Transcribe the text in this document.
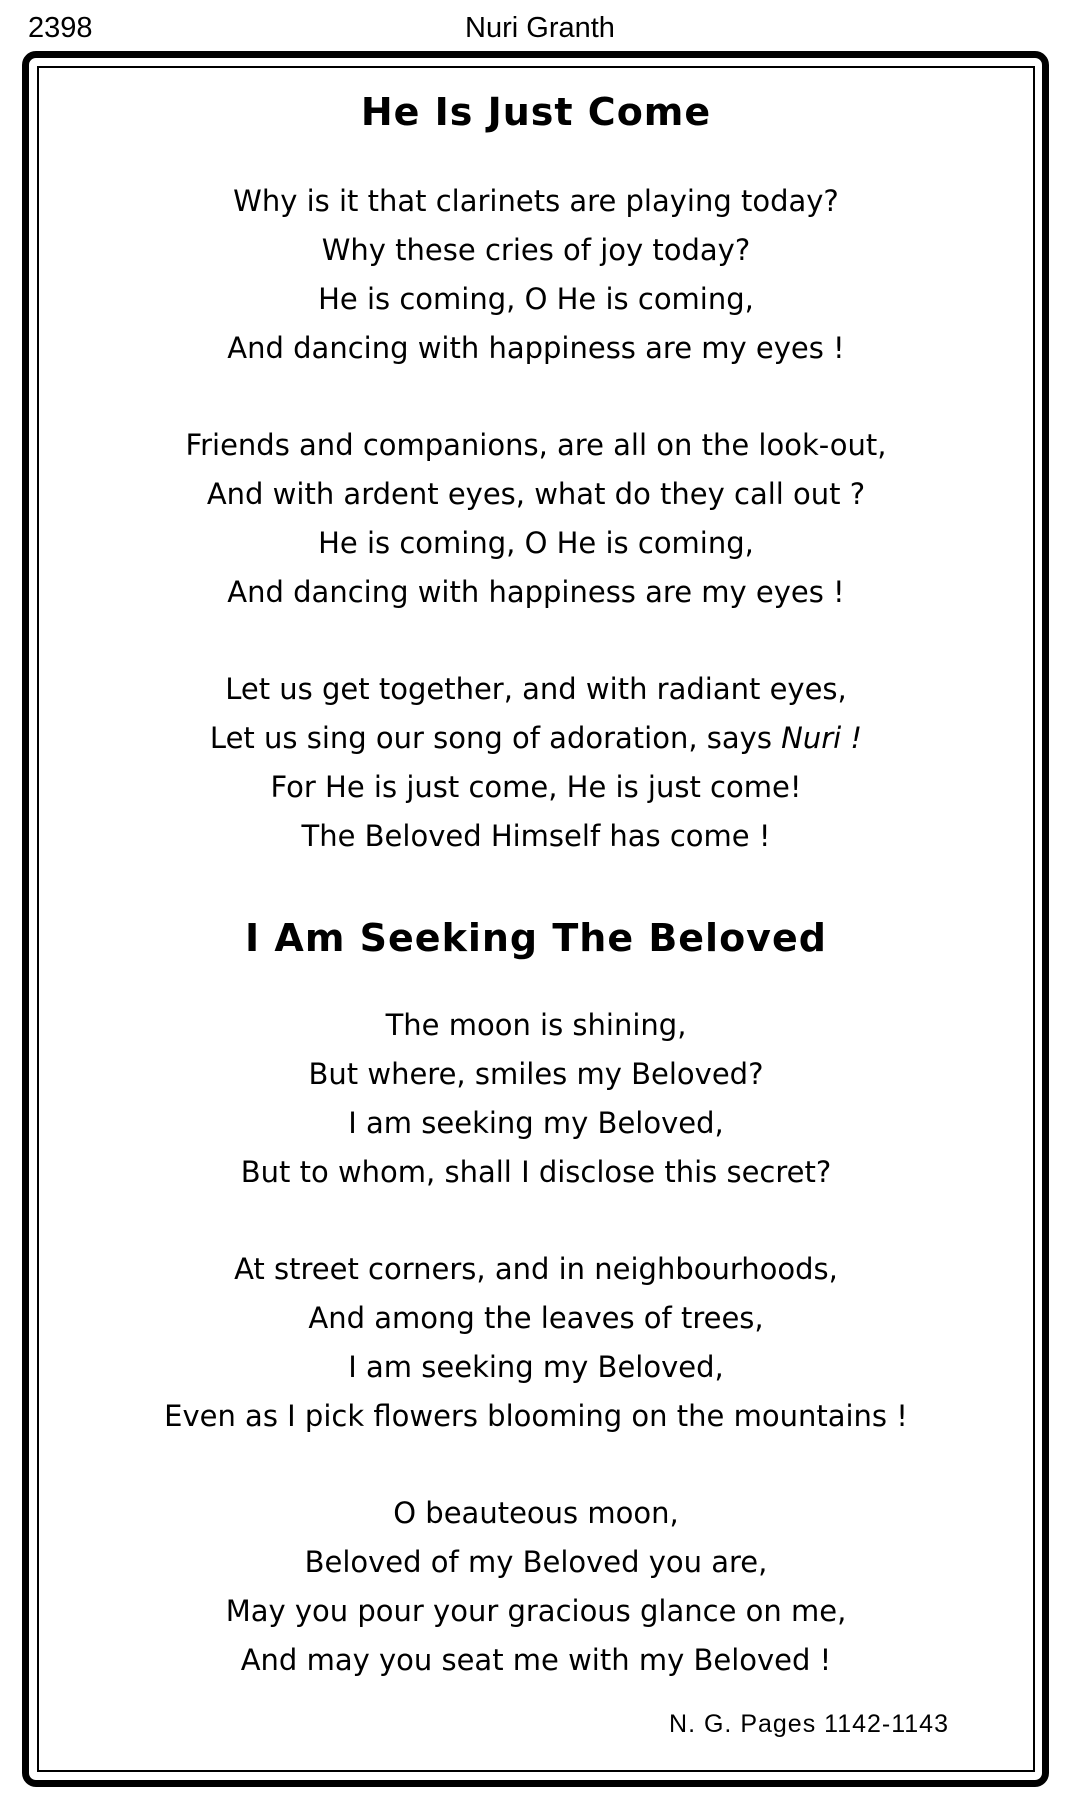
2398	Nuri Granth
He Is Just Come
Why is it that clarinets are playing today?
Why these cries of joy today?
He is coming, O He is coming,
And dancing with happiness are my eyes !
Friends and companions, are all on the look-out,
And with ardent eyes, what do they call out ?
He is coming, O He is coming,
And dancing with happiness are my eyes !
Let us get together, and with radiant eyes,
Let us sing our song of adoration, says Nuri !
For He is just come, He is just come!
The Beloved Himself has come !
I Am Seeking The Beloved
The moon is shining,
But where, smiles my Beloved?
I am seeking my Beloved,
But to whom, shall I disclose this secret?
At street corners, and in neighbourhoods,
And among the leaves of trees,
I am seeking my Beloved,
Even as I pick flowers blooming on the mountains !
O beauteous moon,
Beloved of my Beloved you are,
May you pour your gracious glance on me,
And may you seat me with my Beloved !
N. G. Pages 1142-1143
